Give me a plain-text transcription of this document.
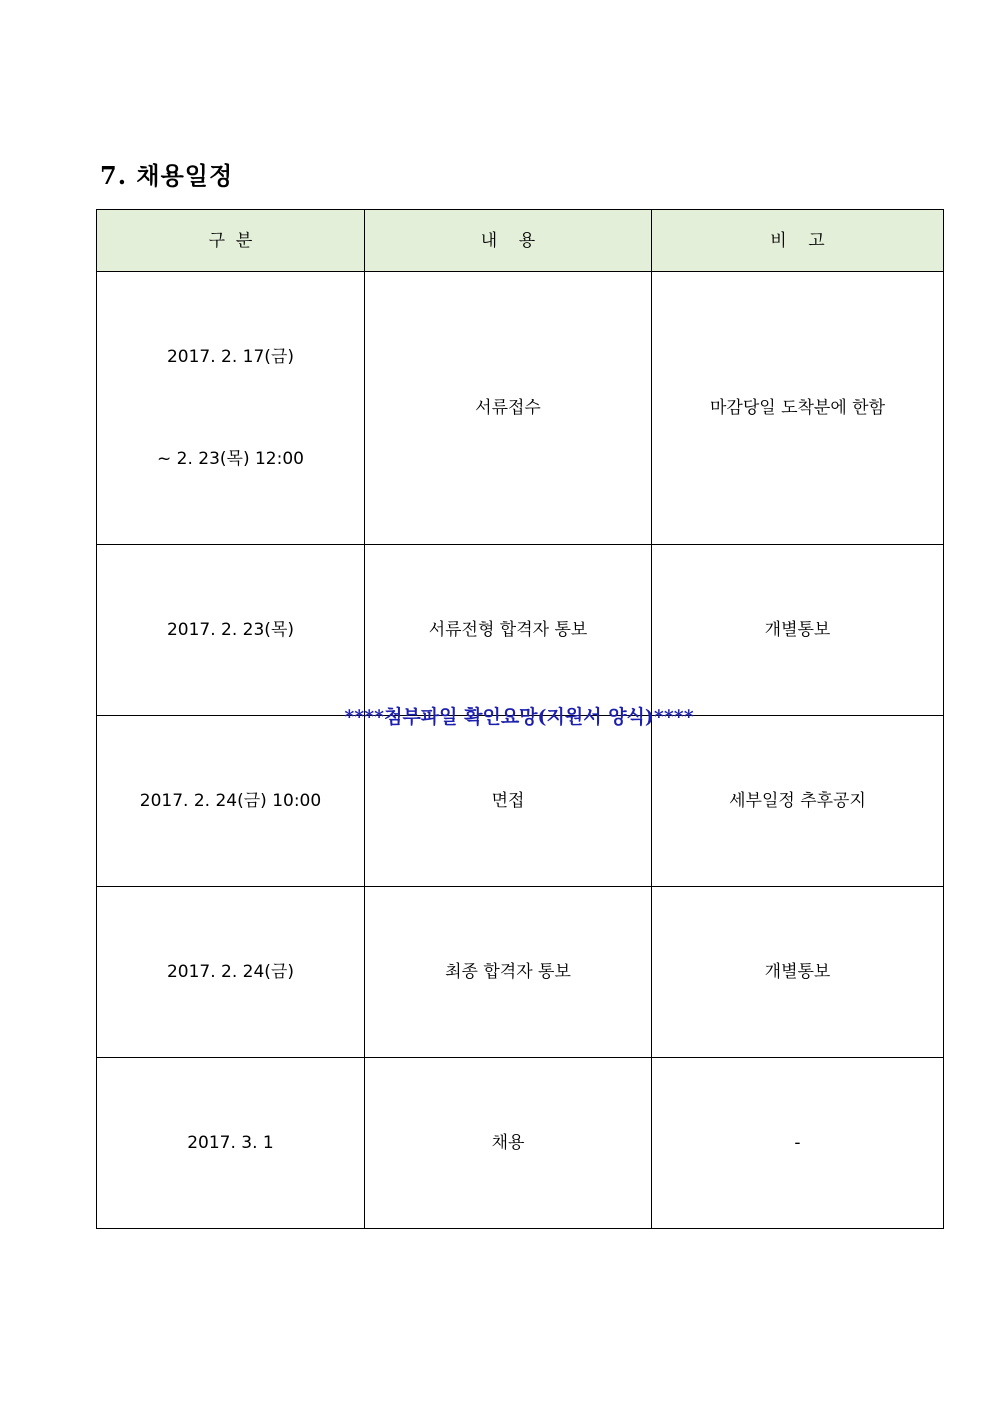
7. 채용일정
구  분	내    용	비    고

2017. 2. 17(금)

~ 2. 23(목) 12:00	서류접수	마감당일 도착분에 한함

2017. 2. 23(목)	서류전형 합격자 통보	개별통보

2017. 2. 24(금) 10:00	면접	세부일정 추후공지

2017. 2. 24(금)	최종 합격자 통보	개별통보

2017. 3. 1	채용	-

****첨부파일 확인요망(지원서 양식)****
